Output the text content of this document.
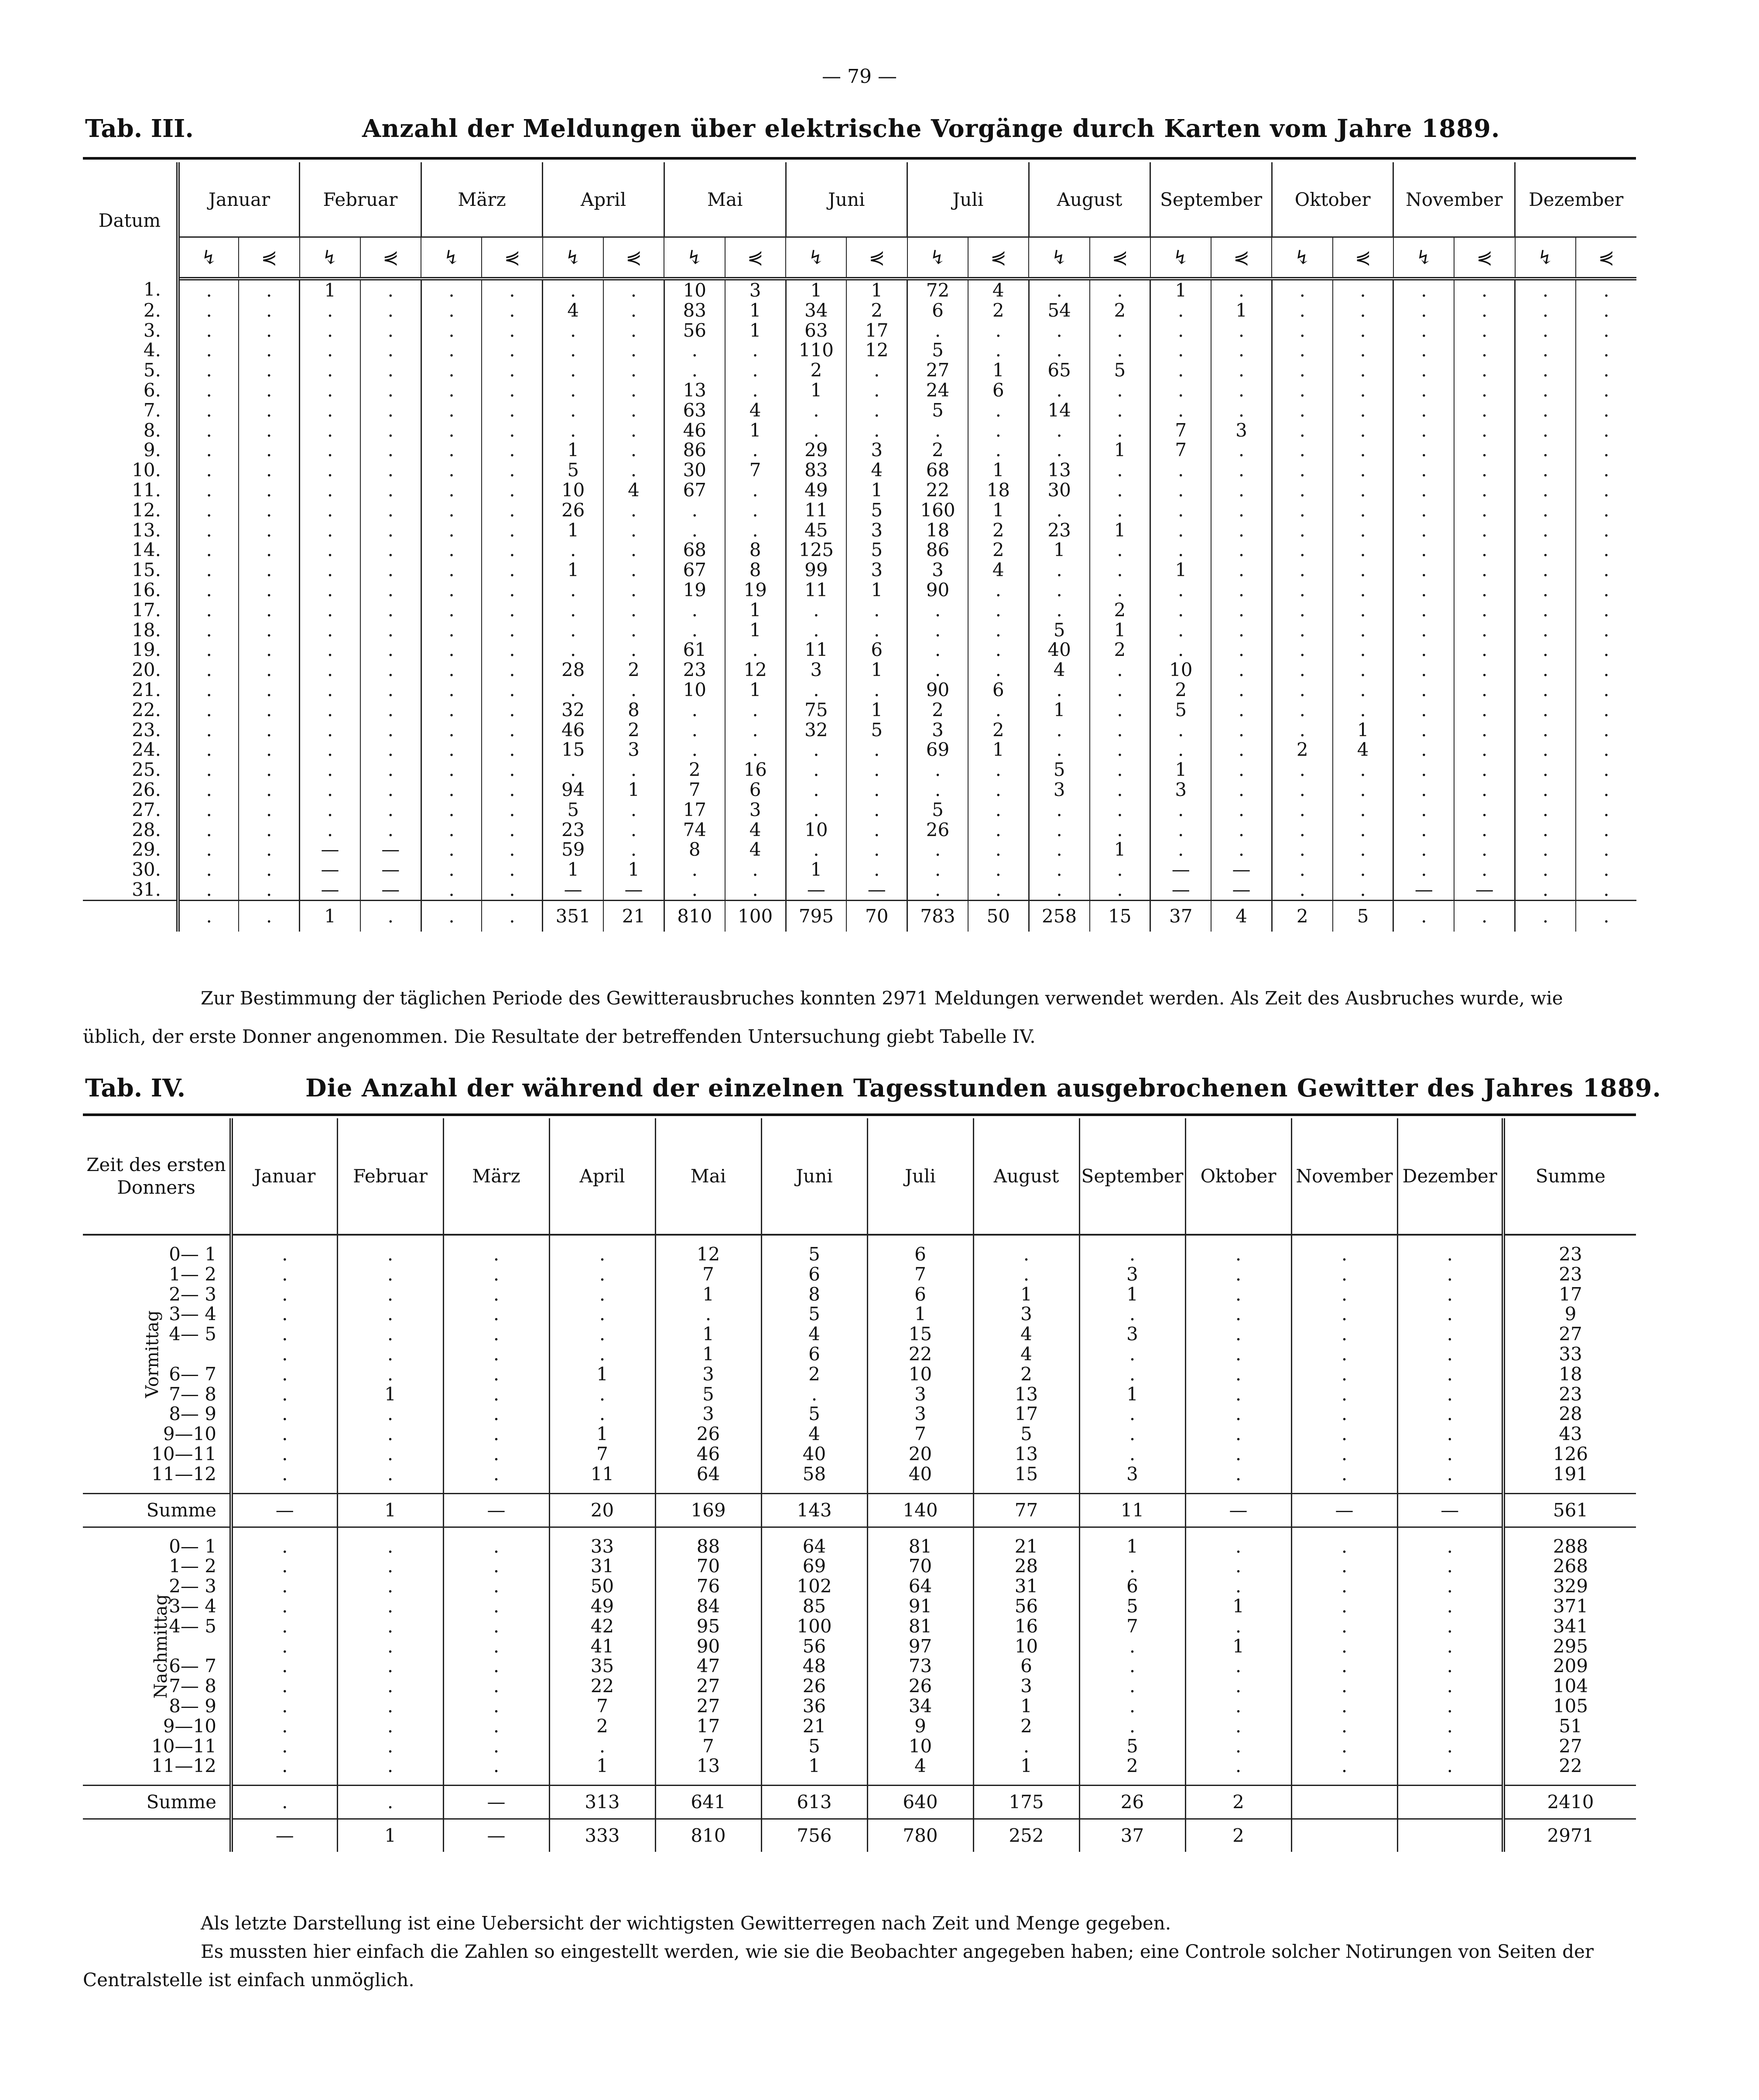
— 79 —
Tab. III.	Anzahl der Meldungen über elektrische Vorgänge durch Karten vom Jahre 1889.
Datum	Januar		Februar		März		April		Mai		Juni		Juli		August		September		Oktober		November		Dezember	
	↯	⋞	↯	⋞	↯	⋞	↯	⋞	↯	⋞	↯	⋞	↯	⋞	↯	⋞	↯	⋞	↯	⋞	↯	⋞	↯	⋞
1.	.	.	1	.	.	.	.	.	10	3	1	1	72	4	.	.	1	.	.	.	.	.	.	.
2.	.	.	.	.	.	.	4	.	83	1	34	2	6	2	54	2	.	1	.	.	.	.	.	.
3.	.	.	.	.	.	.	.	.	56	1	63	17	.	.	.	.	.	.	.	.	.	.	.	.
4.	.	.	.	.	.	.	.	.	.	.	110	12	5	.	.	.	.	.	.	.	.	.	.	.
5.	.	.	.	.	.	.	.	.	.	.	2	.	27	1	65	5	.	.	.	.	.	.	.	.
6.	.	.	.	.	.	.	.	.	13	.	1	.	24	6	.	.	.	.	.	.	.	.	.	.
7.	.	.	.	.	.	.	.	.	63	4	.	.	5	.	14	.	.	.	.	.	.	.	.	.
8.	.	.	.	.	.	.	.	.	46	1	.	.	.	.	.	.	7	3	.	.	.	.	.	.
9.	.	.	.	.	.	.	1	.	86	.	29	3	2	.	.	1	7	.	.	.	.	.	.	.
10.	.	.	.	.	.	.	5	.	30	7	83	4	68	1	13	.	.	.	.	.	.	.	.	.
11.	.	.	.	.	.	.	10	4	67	.	49	1	22	18	30	.	.	.	.	.	.	.	.	.
12.	.	.	.	.	.	.	26	.	.	.	11	5	160	1	.	.	.	.	.	.	.	.	.	.
13.	.	.	.	.	.	.	1	.	.	.	45	3	18	2	23	1	.	.	.	.	.	.	.	.
14.	.	.	.	.	.	.	.	.	68	8	125	5	86	2	1	.	.	.	.	.	.	.	.	.
15.	.	.	.	.	.	.	1	.	67	8	99	3	3	4	.	.	1	.	.	.	.	.	.	.
16.	.	.	.	.	.	.	.	.	19	19	11	1	90	.	.	.	.	.	.	.	.	.	.	.
17.	.	.	.	.	.	.	.	.	.	1	.	.	.	.	.	2	.	.	.	.	.	.	.	.
18.	.	.	.	.	.	.	.	.	.	1	.	.	.	.	5	1	.	.	.	.	.	.	.	.
19.	.	.	.	.	.	.	.	.	61	.	11	6	.	.	40	2	.	.	.	.	.	.	.	.
20.	.	.	.	.	.	.	28	2	23	12	3	1	.	.	4	.	10	.	.	.	.	.	.	.
21.	.	.	.	.	.	.	.	.	10	1	.	.	90	6	.	.	2	.	.	.	.	.	.	.
22.	.	.	.	.	.	.	32	8	.	.	75	1	2	.	1	.	5	.	.	.	.	.	.	.
23.	.	.	.	.	.	.	46	2	.	.	32	5	3	2	.	.	.	.	.	1	.	.	.	.
24.	.	.	.	.	.	.	15	3	.	.	.	.	69	1	.	.	.	.	2	4	.	.	.	.
25.	.	.	.	.	.	.	.	.	2	16	.	.	.	.	5	.	1	.	.	.	.	.	.	.
26.	.	.	.	.	.	.	94	1	7	6	.	.	.	.	3	.	3	.	.	.	.	.	.	.
27.	.	.	.	.	.	.	5	.	17	3	.	.	5	.	.	.	.	.	.	.	.	.	.	.
28.	.	.	.	.	.	.	23	.	74	4	10	.	26	.	.	.	.	.	.	.	.	.	.	.
29.	.	.	—	—	.	.	59	.	8	4	.	.	.	.	.	1	.	.	.	.	.	.	.	.
30.	.	.	—	—	.	.	1	1	.	.	1	.	.	.	.	.	—	—	.	.	.	.	.	.
31.	.	.	—	—	.	.	—	—	.	.	—	—	.	.	.	.	—	—	.	.	—	—	.	.
	.	.	1	.	.	.	351	21	810	100	795	70	783	50	258	15	37	4	2	5	.	.	.	.
Zur Bestimmung der täglichen Periode des Gewitterausbruches konnten 2971 Meldungen verwendet werden. Als Zeit des Ausbruches wurde, wie
üblich, der erste Donner angenommen. Die Resultate der betreffenden Untersuchung giebt Tabelle IV.
Tab. IV.	Die Anzahl der während der einzelnen Tagesstunden ausgebrochenen Gewitter des Jahres 1889.
Zeit des ersten Donners	Januar	Februar	März	April	Mai	Juni	Juli	August	September	Oktober	November	Dezember	Summe

0— 1	.	.	.	.	12	5	6	.	.	.	.	.	23
1— 2	.	.	.	.	7	6	7	.	3	.	.	.	23
2— 3	.	.	.	.	1	8	6	1	1	.	.	.	17
3— 4	.	.	.	.	.	5	1	3	.	.	.	.	9
4— 5	.	.	.	.	1	4	15	4	3	.	.	.	27

Vormittag	.	.	.	.	1	6	22	4	.	.	.	.	33
6— 7	.	.	.	1	3	2	10	2	.	.	.	.	18
7— 8	.	1	.	.	5	.	3	13	1	.	.	.	23
8— 9	.	.	.	.	3	5	3	17	.	.	.	.	28
9—10	.	.	.	1	26	4	7	5	.	.	.	.	43
10—11	.	.	.	7	46	40	20	13	.	.	.	.	126
11—12	.	.	.	11	64	58	40	15	3	.	.	.	191

Summe	—	1	—	20	169	143	140	77	11	—	—	—	561

0— 1	.	.	.	33	88	64	81	21	1	.	.	.	288
1— 2	.	.	.	31	70	69	70	28	.	.	.	.	268
2— 3	.	.	.	50	76	102	64	31	6	.	.	.	329
3— 4	.	.	.	49	84	85	91	56	5	1	.	.	371
4— 5	.	.	.	42	95	100	81	16	7	.	.	.	341

Nachmittag	.	.	.	41	90	56	97	10	.	1	.	.	295
6— 7	.	.	.	35	47	48	73	6	.	.	.	.	209
7— 8	.	.	.	22	27	26	26	3	.	.	.	.	104
8— 9	.	.	.	7	27	36	34	1	.	.	.	.	105
9—10	.	.	.	2	17	21	9	2	.	.	.	.	51
10—11	.	.	.	.	7	5	10	.	5	.	.	.	27
11—12	.	.	.	1	13	1	4	1	2	.	.	.	22

Summe	.	.	—	313	641	613	640	175	26	2			2410
	—	1	—	333	810	756	780	252	37	2			2971
Als letzte Darstellung ist eine Uebersicht der wichtigsten Gewitterregen nach Zeit und Menge gegeben.
Es mussten hier einfach die Zahlen so eingestellt werden, wie sie die Beobachter angegeben haben; eine Controle solcher Notirungen von Seiten der
Centralstelle ist einfach unmöglich.
